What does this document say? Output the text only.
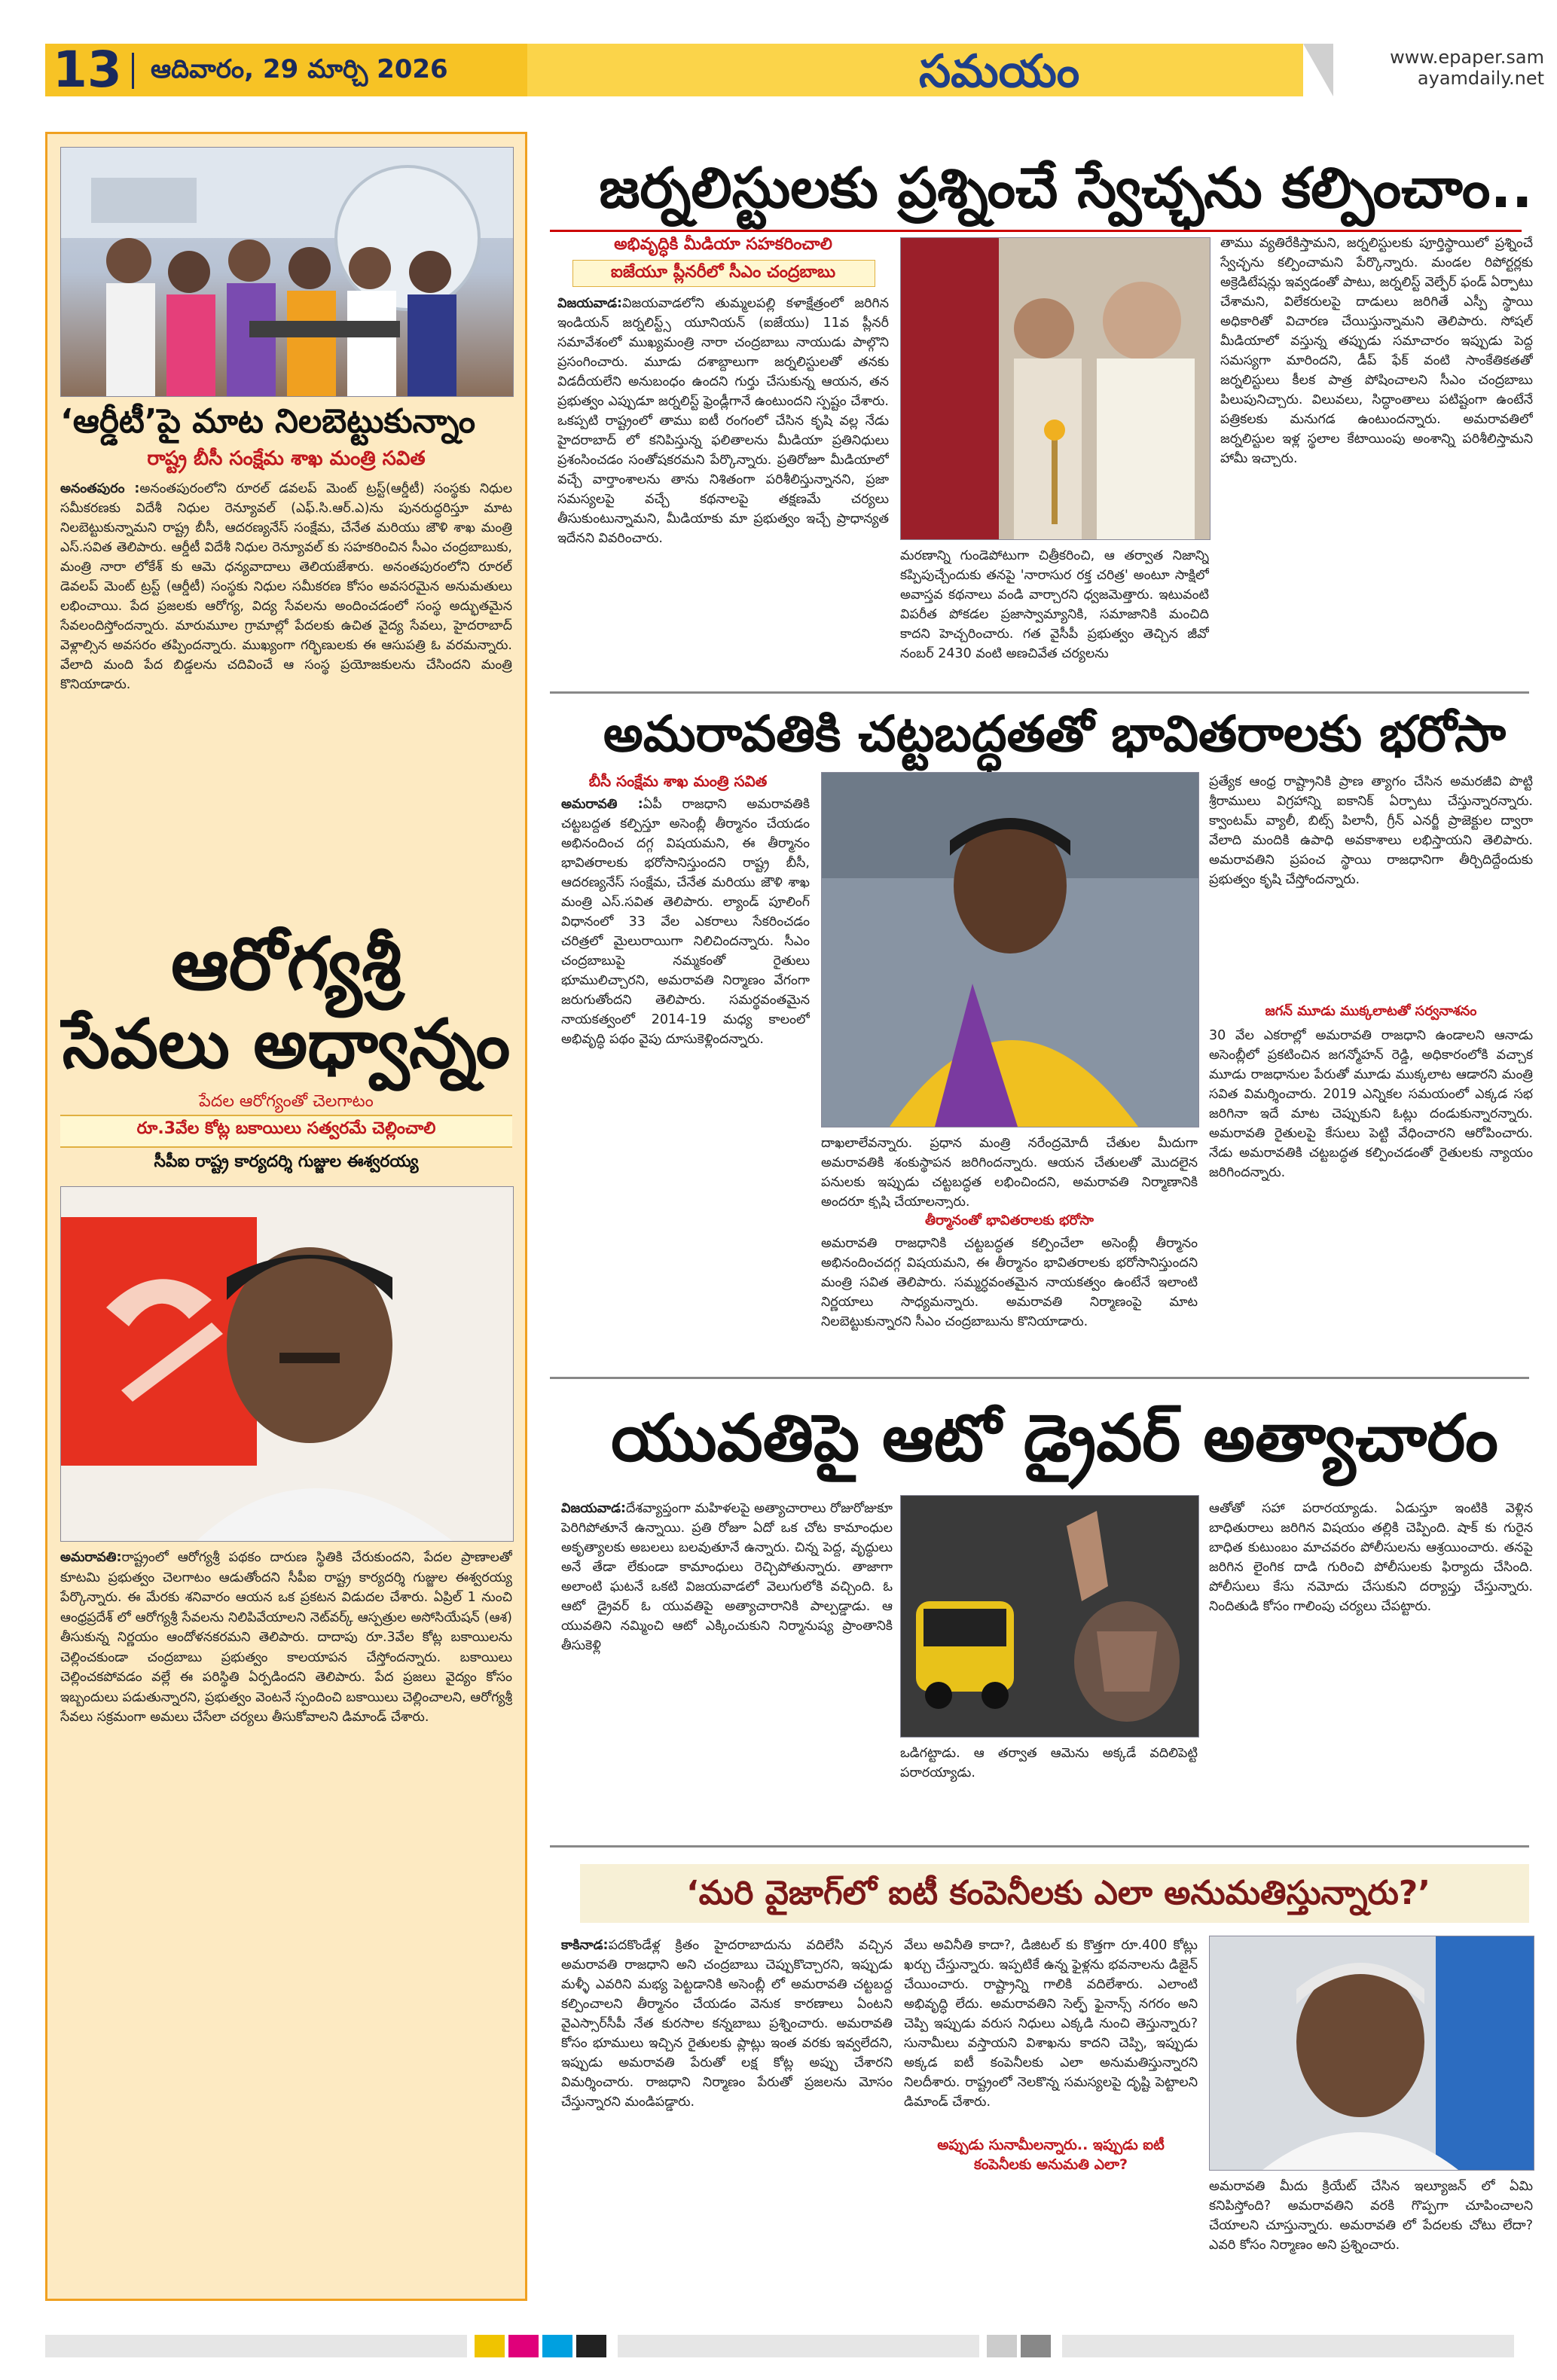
13 ఆదివారం, 29 మార్చి 2026	సమయం	www.epaper.sam
ayamdaily.net
‘ఆర్డీటీ’పై మాట నిలబెట్టుకున్నాం
రాష్ట్ర బీసీ సంక్షేమ శాఖ మంత్రి సవిత
అనంతపురం :అనంతపురంలోని రూరల్ డవలప్ మెంట్ ట్రస్ట్(ఆర్డీటీ) సంస్థకు నిధుల సమీకరణకు విదేశీ నిధుల రెన్యూవల్ (ఎఫ్.సి.ఆర్.ఎ)ను పునరుద్ధరిస్తూ మాట నిలబెట్టుకున్నామని రాష్ట్ర బీసీ, ఆదరణ్యనేస్ సంక్షేమ, చేనేత మరియు జౌళి శాఖ మంత్రి ఎస్.సవిత తెలిపారు. ఆర్డీటీ విదేశీ నిధుల రెన్యూవల్ కు సహకరించిన సీఎం చంద్రబాబుకు, మంత్రి నారా లోకేశ్ కు ఆమె ధన్యవాదాలు తెలియజేశారు. అనంతపురంలోని రూరల్ డెవలప్ మెంట్ ట్రస్ట్ (ఆర్డీటీ) సంస్థకు నిధుల సమీకరణ కోసం అవసరమైన అనుమతులు లభించాయి. పేద ప్రజలకు ఆరోగ్య, విద్య సేవలను అందించడంలో సంస్థ అద్భుతమైన సేవలందిస్తోందన్నారు. మారుమూల గ్రామాల్లో పేదలకు ఉచిత వైద్య సేవలు, హైదరాబాద్ వెళ్లాల్సిన అవసరం తప్పిందన్నారు. ముఖ్యంగా గర్భిణులకు ఈ ఆసుపత్రి ఓ వరమన్నారు. వేలాది మంది పేద బిడ్డలను చదివించే ఆ సంస్థ ప్రయోజకులను చేసిందని మంత్రి కొనియాడారు.
ఆరోగ్యశ్రీ
సేవలు అధ్వాన్నం
పేదల ఆరోగ్యంతో చెలగాటం
రూ.3వేల కోట్ల బకాయిలు సత్వరమే చెల్లించాలి
సీపీఐ రాష్ట్ర కార్యదర్శి గుజ్జుల ఈశ్వరయ్య
అమరావతి:రాష్ట్రంలో ఆరోగ్యశ్రీ పథకం దారుణ స్థితికి చేరుకుందని, పేదల ప్రాణాలతో కూటమి ప్రభుత్వం చెలగాటం ఆడుతోందని సీపీఐ రాష్ట్ర కార్యదర్శి గుజ్జుల ఈశ్వరయ్య పేర్కొన్నారు. ఈ మేరకు శనివారం ఆయన ఒక ప్రకటన విడుదల చేశారు. ఏప్రిల్ 1 నుంచి ఆంధ్రప్రదేశ్ లో ఆరోగ్యశ్రీ సేవలను నిలిపివేయాలని నెట్‌వర్క్ ఆస్పత్రుల అసోసియేషన్ (ఆశ) తీసుకున్న నిర్ణయం ఆందోళనకరమని తెలిపారు. దాదాపు రూ.3వేల కోట్ల బకాయిలను చెల్లించకుండా చంద్రబాబు ప్రభుత్వం కాలయాపన చేస్తోందన్నారు. బకాయిలు చెల్లించకపోవడం వల్లే ఈ పరిస్థితి ఏర్పడిందని తెలిపారు. పేద ప్రజలు వైద్యం కోసం ఇబ్బందులు పడుతున్నారని, ప్రభుత్వం వెంటనే స్పందించి బకాయిలు చెల్లించాలని, ఆరోగ్యశ్రీ సేవలు సక్రమంగా అమలు చేసేలా చర్యలు తీసుకోవాలని డిమాండ్ చేశారు.
జర్నలిస్టులకు ప్రశ్నించే స్వేచ్ఛను కల్పించాం..
అభివృద్ధికి మీడియా సహకరించాలి
ఐజేయూ ప్లీనరీలో సీఎం చంద్రబాబు
విజయవాడ:విజయవాడలోని తుమ్మలపల్లి కళాక్షేత్రంలో జరిగిన ఇండియన్ జర్నలిస్ట్స్ యూనియన్ (ఐజేయు) 11వ ప్లీనరీ సమావేశంలో ముఖ్యమంత్రి నారా చంద్రబాబు నాయుడు పాల్గొని ప్రసంగించారు. మూడు దశాబ్దాలుగా జర్నలిస్టులతో తనకు విడదీయలేని అనుబంధం ఉందని గుర్తు చేసుకున్న ఆయన, తన ప్రభుత్వం ఎప్పుడూ జర్నలిస్ట్ ఫ్రెండ్లీగానే ఉంటుందని స్పష్టం చేశారు. ఒకప్పటి రాష్ట్రంలో తాము ఐటీ రంగంలో చేసిన కృషి వల్ల నేడు హైదరాబాద్ లో కనిపిస్తున్న ఫలితాలను మీడియా ప్రతినిధులు ప్రశంసించడం సంతోషకరమని పేర్కొన్నారు. ప్రతిరోజూ మీడియాలో వచ్చే వార్తాంశాలను తాను నిశితంగా పరిశీలిస్తున్నానని, ప్రజా సమస్యలపై వచ్చే కథనాలపై తక్షణమే చర్యలు తీసుకుంటున్నామని, మీడియాకు మా ప్రభుత్వం ఇచ్చే ప్రాధాన్యత ఇదేనని వివరించారు.
మరణాన్ని గుండెపోటుగా చిత్రీకరించి, ఆ తర్వాత నిజాన్ని కప్పిపుచ్చేందుకు తనపై 'నారాసుర రక్త చరిత్ర' అంటూ సాక్షిలో అవాస్తవ కథనాలు వండి వార్చారని ధ్వజమెత్తారు. ఇటువంటి విపరీత పోకడల ప్రజాస్వామ్యానికి, సమాజానికి మంచిది కాదని హెచ్చరించారు. గత వైసీపీ ప్రభుత్వం తెచ్చిన జీవో నంబర్ 2430 వంటి అణచివేత చర్యలను
తాము వ్యతిరేకిస్తామని, జర్నలిస్టులకు పూర్తిస్థాయిలో ప్రశ్నించే స్వేచ్ఛను కల్పించామని పేర్కొన్నారు. మండల రిపోర్టర్లకు అక్రెడిటేషన్లు ఇవ్వడంతో పాటు, జర్నలిస్ట్ వెల్ఫేర్ ఫండ్ ఏర్పాటు చేశామని, విలేకరులపై దాడులు జరిగితే ఎస్పీ స్థాయి అధికారితో విచారణ చేయిస్తున్నామని తెలిపారు. సోషల్ మీడియాలో వస్తున్న తప్పుడు సమాచారం ఇప్పుడు పెద్ద సమస్యగా మారిందని, డీప్ ఫేక్ వంటి సాంకేతికతతో జర్నలిస్టులు కీలక పాత్ర పోషించాలని సీఎం చంద్రబాబు పిలుపునిచ్చారు. విలువలు, సిద్ధాంతాలు పటిష్టంగా ఉంటేనే పత్రికలకు మనుగడ ఉంటుందన్నారు. అమరావతిలో జర్నలిస్టుల ఇళ్ల స్థలాల కేటాయింపు అంశాన్ని పరిశీలిస్తామని హామీ ఇచ్చారు.
అమరావతికి చట్టబద్ధతతో భావితరాలకు భరోసా
బీసీ సంక్షేమ శాఖ మంత్రి సవిత
అమరావతి :ఏపీ రాజధాని అమరావతికి చట్టబద్దత కల్పిస్తూ అసెంబ్లీ తీర్మానం చేయడం అభినందించ దగ్గ విషయమని, ఈ తీర్మానం భావితరాలకు భరోసానిస్తుందని రాష్ట్ర బీసీ, ఆదరణ్యనేస్ సంక్షేమ, చేనేత మరియు జౌళి శాఖ మంత్రి ఎస్.సవిత తెలిపారు. ల్యాండ్ పూలింగ్ విధానంలో 33 వేల ఎకరాలు సేకరించడం చరిత్రలో మైలురాయిగా నిలిచిందన్నారు. సీఎం చంద్రబాబుపై నమ్మకంతో రైతులు భూములిచ్చారని, అమరావతి నిర్మాణం వేగంగా జరుగుతోందని తెలిపారు. సమర్థవంతమైన నాయకత్వంలో 2014-19 మధ్య కాలంలో అభివృద్ధి పథం వైపు దూసుకెళ్లిందన్నారు.
దాఖలాలేవన్నారు. ప్రధాన మంత్రి నరేంద్రమోదీ చేతుల మీదుగా అమరావతికి శంకుస్థాపన జరిగిందన్నారు. ఆయన చేతులతో మొదలైన పనులకు ఇప్పుడు చట్టబద్ధత లభించిందని, అమరావతి నిర్మాణానికి అందరూ కృషి చేయాలన్నారు.
తీర్మానంతో భావితరాలకు భరోసా
అమరావతి రాజధానికి చట్టబద్ధత కల్పించేలా అసెంబ్లీ తీర్మానం అభినందించదగ్గ విషయమని, ఈ తీర్మానం భావితరాలకు భరోసానిస్తుందని మంత్రి సవిత తెలిపారు. సమ్మర్ధవంతమైన నాయకత్వం ఉంటేనే ఇలాంటి నిర్ణయాలు సాధ్యమన్నారు. అమరావతి నిర్మాణంపై మాట నిలబెట్టుకున్నారని సీఎం చంద్రబాబును కొనియాడారు.
ప్రత్యేక ఆంధ్ర రాష్ట్రానికి ప్రాణ త్యాగం చేసిన అమరజీవి పొట్టి శ్రీరాములు విగ్రహాన్ని ఐకానిక్ ఏర్పాటు చేస్తున్నారన్నారు. క్వాంటమ్ వ్యాలీ, బిట్స్ పిలానీ, గ్రీన్ ఎనర్జీ ప్రాజెక్టుల ద్వారా వేలాది మందికి ఉపాధి అవకాశాలు లభిస్తాయని తెలిపారు. అమరావతిని ప్రపంచ స్థాయి రాజధానిగా తీర్చిదిద్దేందుకు ప్రభుత్వం కృషి చేస్తోందన్నారు.
జగన్ మూడు ముక్కలాటతో సర్వనాశనం
30 వేల ఎకరాల్లో అమరావతి రాజధాని ఉండాలని ఆనాడు అసెంబ్లీలో ప్రకటించిన జగన్మోహన్ రెడ్డి, అధికారంలోకి వచ్చాక మూడు రాజధానుల పేరుతో మూడు ముక్కలాట ఆడారని మంత్రి సవిత విమర్శించారు. 2019 ఎన్నికల సమయంలో ఎక్కడ సభ జరిగినా ఇదే మాట చెప్పుకుని ఓట్లు దండుకున్నారన్నారు. అమరావతి రైతులపై కేసులు పెట్టి వేధించారని ఆరోపించారు. నేడు అమరావతికి చట్టబద్ధత కల్పించడంతో రైతులకు న్యాయం జరిగిందన్నారు.
యువతిపై ఆటో డ్రైవర్ అత్యాచారం
విజయవాడ:దేశవ్యాప్తంగా మహిళలపై అత్యాచారాలు రోజురోజుకూ పెరిగిపోతూనే ఉన్నాయి. ప్రతి రోజూ ఏదో ఒక చోట కామాంధుల అకృత్యాలకు అబలలు బలవుతూనే ఉన్నారు. చిన్న పెద్ద, వృద్ధులు అనే తేడా లేకుండా కామాంధులు రెచ్చిపోతున్నారు. తాజాగా అలాంటి ఘటనే ఒకటి విజయవాడలో వెలుగులోకి వచ్చింది. ఓ ఆటో డ్రైవర్ ఓ యువతిపై అత్యాచారానికి పాల్పడ్డాడు. ఆ యువతిని నమ్మించి ఆటో ఎక్కించుకుని నిర్మానుష్య ప్రాంతానికి తీసుకెళ్లి
ఒడిగట్టాడు. ఆ తర్వాత ఆమెను అక్కడే వదిలిపెట్టి పరారయ్యాడు.
ఆతోతో సహా పరారయ్యాడు. ఏడుస్తూ ఇంటికి వెళ్లిన బాధితురాలు జరిగిన విషయం తల్లికి చెప్పింది. షాక్ కు గురైన బాధిత కుటుంబం మాచవరం పోలీసులను ఆశ్రయించారు. తనపై జరిగిన లైంగిక దాడి గురించి పోలీసులకు ఫిర్యాదు చేసింది. పోలీసులు కేసు నమోదు చేసుకుని దర్యాప్తు చేస్తున్నారు. నిందితుడి కోసం గాలింపు చర్యలు చేపట్టారు.
‘మరి వైజాగ్‌లో ఐటీ కంపెనీలకు ఎలా అనుమతిస్తున్నారు?’
కాకినాడ:పదకొండేళ్ల క్రితం హైదరాబాదును వదిలేసి వచ్చిన అమరావతి రాజధాని అని చంద్రబాబు చెప్పుకొచ్చారని, ఇప్పుడు మళ్ళీ ఎవరిని మభ్య పెట్టడానికి అసెంబ్లీ లో అమరావతి చట్టబద్ద కల్పించాలని తీర్మానం చేయడం వెనుక కారణాలు ఏంటని వైఎస్సార్‌సీపీ నేత కురసాల కన్నబాబు ప్రశ్నించారు. అమరావతి కోసం భూములు ఇచ్చిన రైతులకు ప్లాట్లు ఇంత వరకు ఇవ్వలేదని, ఇప్పుడు అమరావతి పేరుతో లక్ష కోట్ల అప్పు చేశారని విమర్శించారు. రాజధాని నిర్మాణం పేరుతో ప్రజలను మోసం చేస్తున్నారని మండిపడ్డారు.
అప్పుడు సునామీలన్నారు.. ఇప్పుడు ఐటీ
కంపెనీలకు అనుమతి ఎలా?
వేలు అవినీతి కాదా?, డిజిటల్ కు కొత్తగా రూ.400 కోట్లు ఖర్చు చేస్తున్నారు. ఇప్పటికే ఉన్న ఫైళ్లను భవనాలను డిజైన్ చేయించారు. రాష్ట్రాన్ని గాలికి వదిలేశారు. ఎలాంటి అభివృద్ధి లేదు. అమరావతిని సెల్ఫ్ ఫైనాన్స్ నగరం అని చెప్పి ఇప్పుడు వరుస నిధులు ఎక్కడి నుంచి తెస్తున్నారు? సునామీలు వస్తాయని విశాఖను కాదని చెప్పి, ఇప్పుడు అక్కడ ఐటీ కంపెనీలకు ఎలా అనుమతిస్తున్నారని నిలదీశారు. రాష్ట్రంలో నెలకొన్న సమస్యలపై దృష్టి పెట్టాలని డిమాండ్ చేశారు.
అమరావతి మీదు క్రియేట్ చేసిన ఇల్యూజన్ లో ఏమి కనిపిస్తోంది? అమరావతిని వరకి గొప్పగా చూపించాలని చేయాలని చూస్తున్నారు. అమరావతి లో పేదలకు చోటు లేదా? ఎవరి కోసం నిర్మాణం అని ప్రశ్నించారు.
